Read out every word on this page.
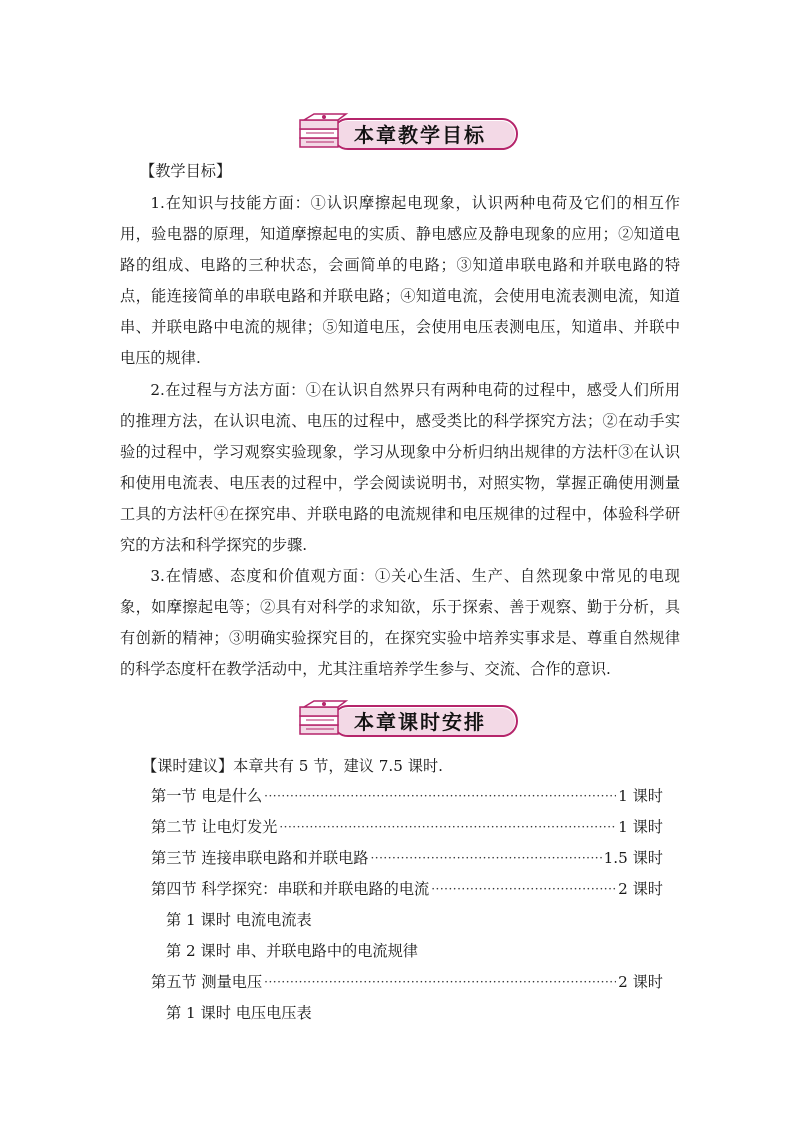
本章教学目标
【教学目标】
1.在知识与技能方面：①认识摩擦起电现象，认识两种电荷及它们的相互作用，验电器的原理，知道摩擦起电的实质、静电感应及静电现象的应用；②知道电路的组成、电路的三种状态，会画简单的电路；③知道串联电路和并联电路的特点，能连接简单的串联电路和并联电路；④知道电流，会使用电流表测电流，知道串、并联电路中电流的规律；⑤知道电压，会使用电压表测电压，知道串、并联中电压的规律.
2.在过程与方法方面：①在认识自然界只有两种电荷的过程中，感受人们所用的推理方法，在认识电流、电压的过程中，感受类比的科学探究方法；②在动手实验的过程中，学习观察实验现象，学习从现象中分析归纳出规律的方法杆③在认识和使用电流表、电压表的过程中，学会阅读说明书，对照实物，掌握正确使用测量工具的方法杆④在探究串、并联电路的电流规律和电压规律的过程中，体验科学研究的方法和科学探究的步骤.
3.在情感、态度和价值观方面：①关心生活、生产、自然现象中常见的电现象，如摩擦起电等；②具有对科学的求知欲，乐于探索、善于观察、勤于分析，具有创新的精神；③明确实验探究目的，在探究实验中培养实事求是、尊重自然规律的科学态度杆在教学活动中，尤其注重培养学生参与、交流、合作的意识.
本章课时安排
【课时建议】本章共有 5 节，建议 7.5 课时.
第一节 电是什么 ·····	1 课时
第二节 让电灯发光 ·····	1 课时
第三节 连接串联电路和并联电路 ·····	1.5 课时
第四节 科学探究：串联和并联电路的电流 ·····	2 课时
第 1 课时 电流电流表
第 2 课时 串、并联电路中的电流规律
第五节 测量电压 ·····	2 课时
第 1 课时 电压电压表
